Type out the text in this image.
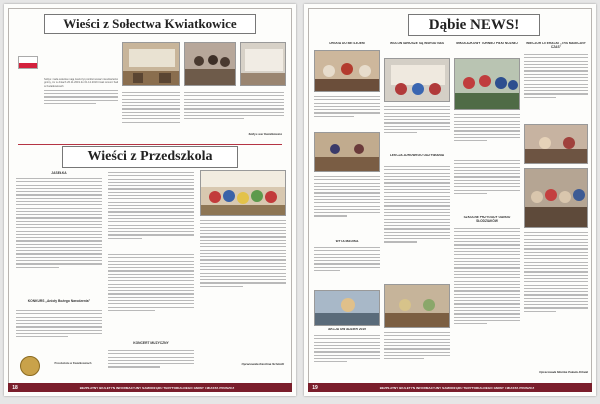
Wieści z Sołectwa Kwiatkowice
Sołtys i rada sołecka mają zaszczyt poinformować mieszkańców gminy, że w dniach 20.11.2019 do 01.12.2019 trwał remont Sali w Kwiatkowicach
Sołtys wsi Kwiatkowice
Wieści z Przedszkola
JASEŁKA
KONKURS „Anioły Bożego Narodzenia"
Przedszkole w Kwiatkowicach
KONCERT MUZYCZNY
Opracowała Karolina Schmidt
18	BEZPŁATNY BIULETYN INFORMACYJNY SAMORZĄDU TERYTORIALNEGO GMINY I MIASTA PRUSZCZ
Dąbie NEWS!
DROGA DO BETLEJEM
WYTA MAGIKA
AKCJA ÓW ADZIER 2019
WOLONTARIUSZE SĄ WŚRÓD NAS
LEKCJA ZDROWEGO ODŻYWIANIA
MIKOŁAJKOWY TURNIEJ PIŁKI NOŻNEJ
SZKOLNE PRZYGODY GANGU SŁODZIAKÓW
WIECZÓR LITERACKI „TRS MAGICZNY CZAS"
Opracowała Monika Pakuła-Kitniał
19	BEZPŁATNY BIULETYN INFORMACYJNY SAMORZĄDU TERYTORIALNEGO GMINY I MIASTA PRUSZCZ
